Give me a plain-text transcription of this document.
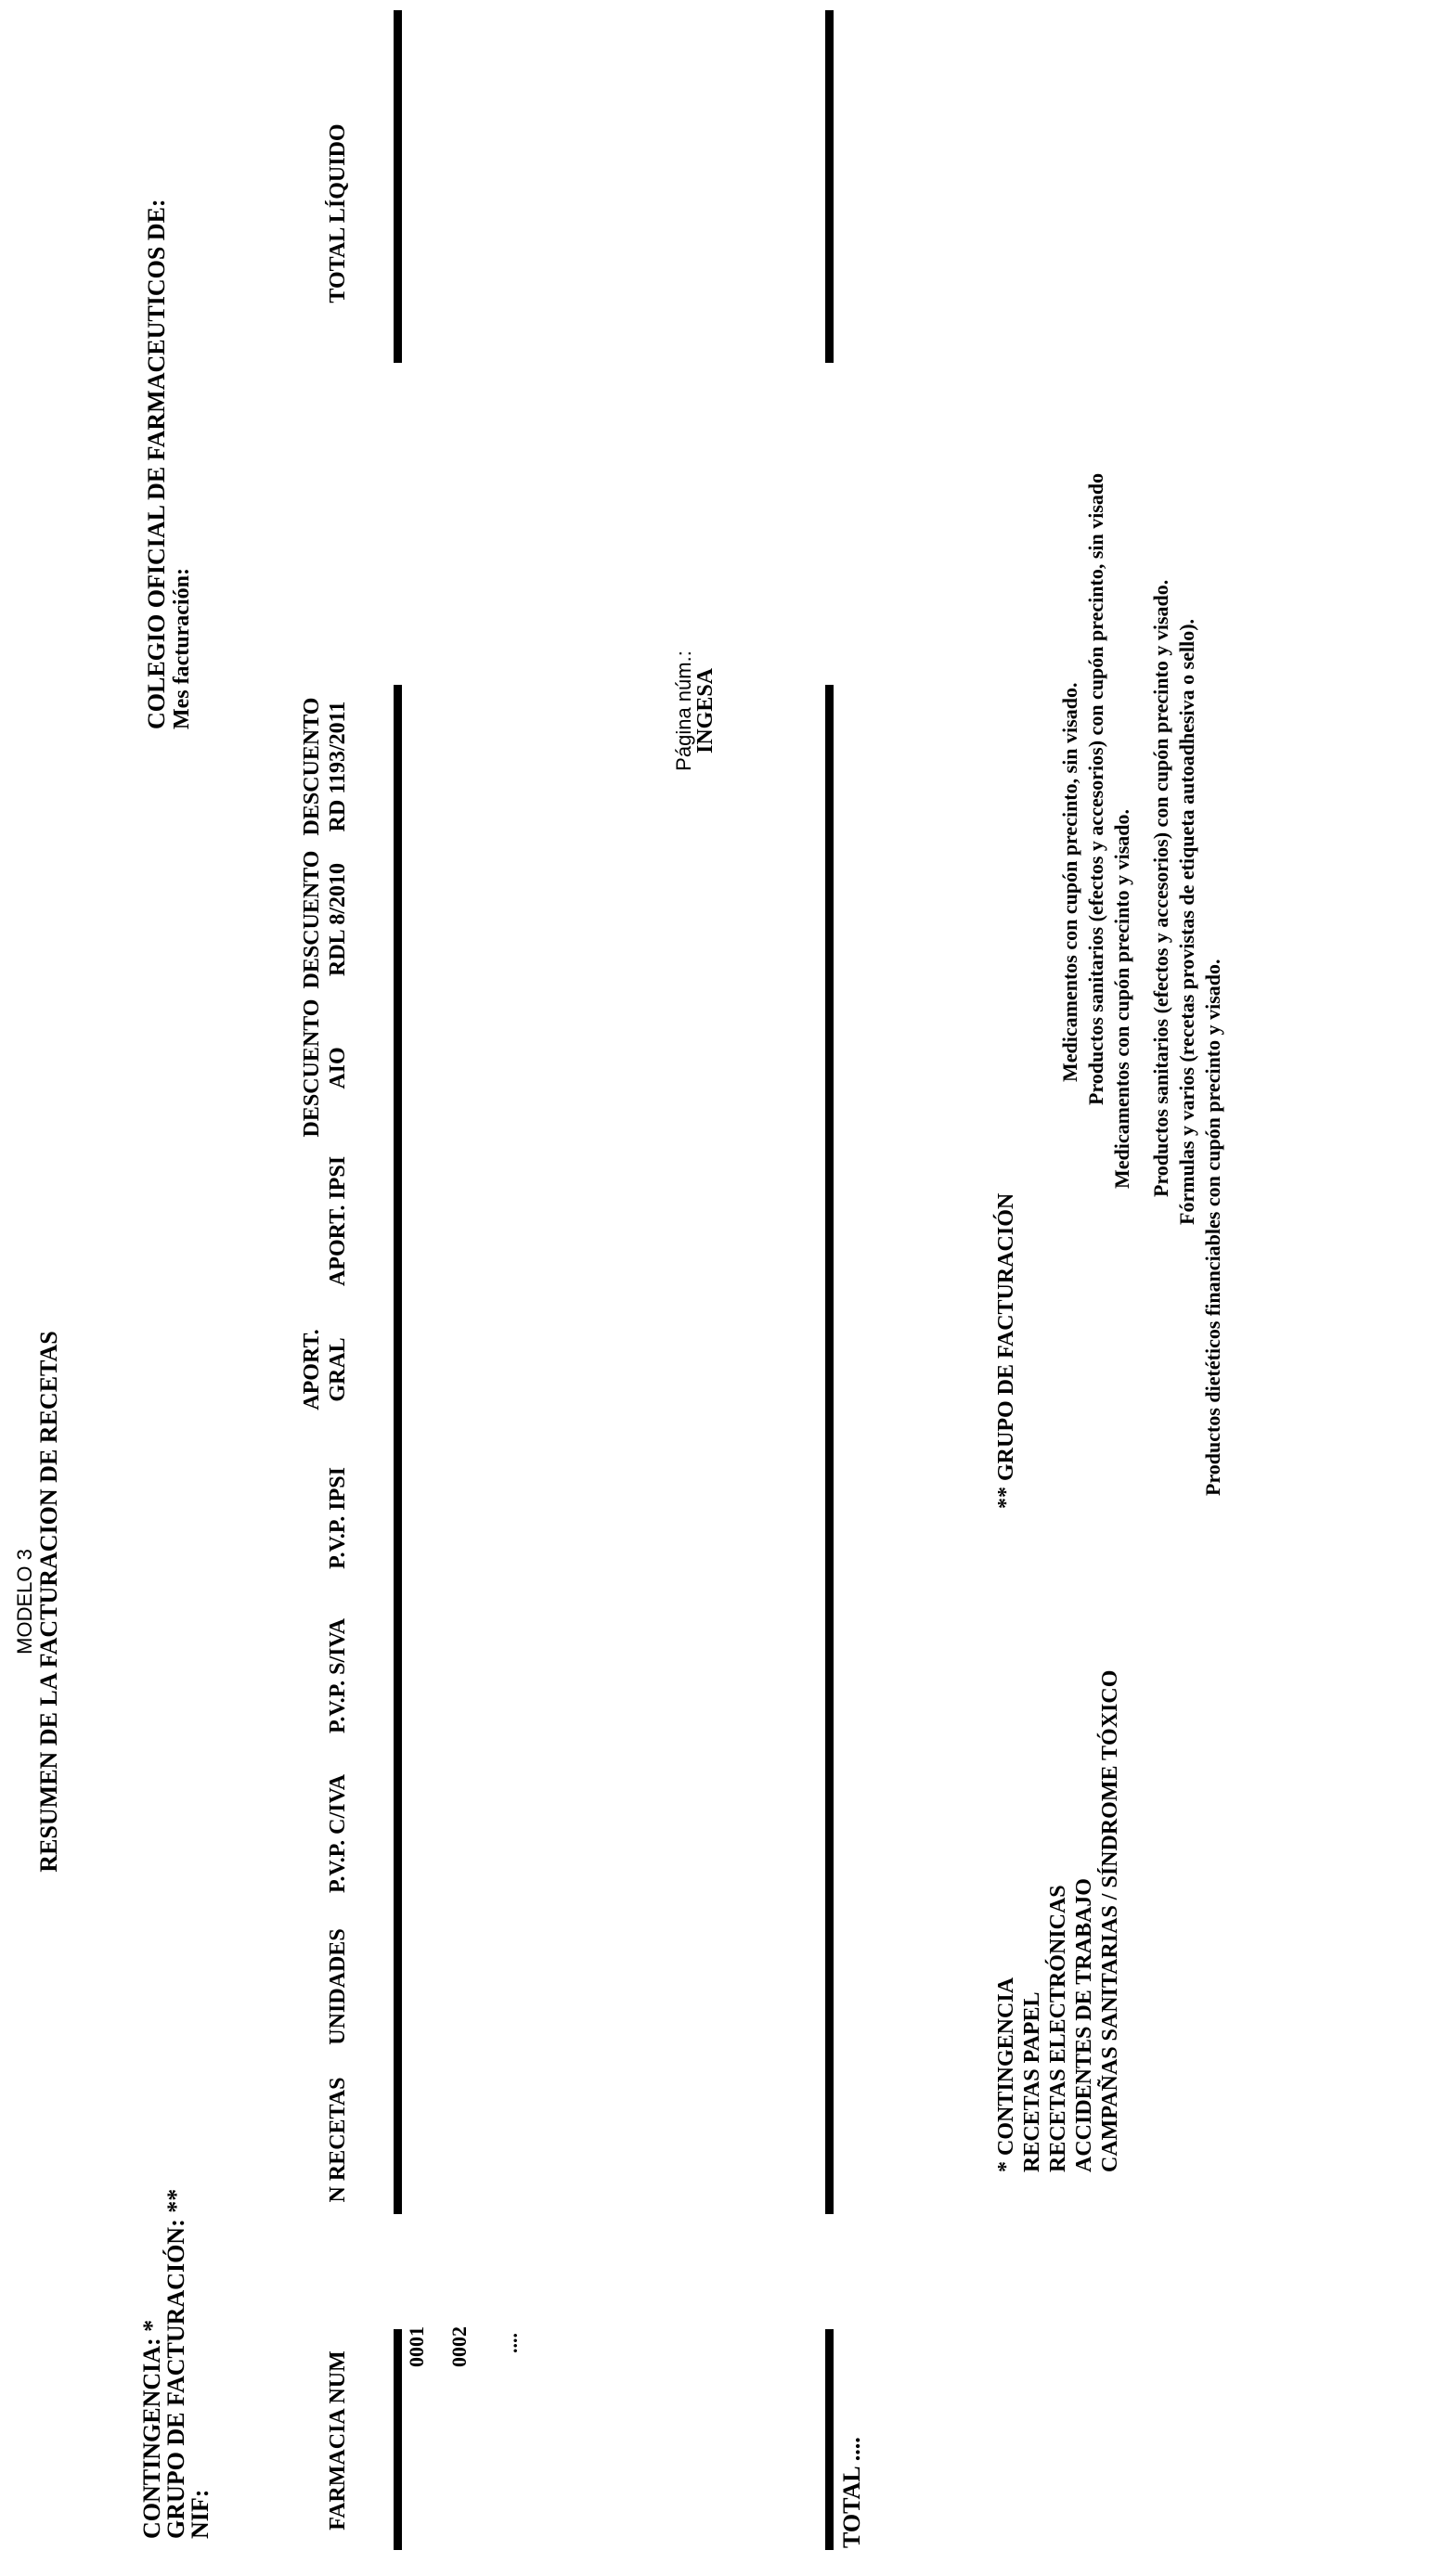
MODELO 3 RESUMEN DE LA FACTURACION DE RECETAS
Página núm.:
INGESA
CONTINGENCIA: *
GRUPO DE FACTURACIÓN: **
NIF:
COLEGIO OFICIAL DE FARMACEUTICOS DE: Mes facturación:
FARMACIA NUM
N RECETAS
UNIDADES
P.V.P. C/IVA
P.V.P. S/IVA
P.V.P. IPSI
APORT. GRAL
APORT. IPSI
DESCUENTO AIO
DESCUENTO RDL 8/2010
DESCUENTO RD 1193/2011
TOTAL LÍQUIDO
0001 0002 ....
TOTAL ....
* CONTINGENCIA RECETAS PAPEL RECETAS ELECTRÓNICAS ACCIDENTES DE TRABAJO CAMPAÑAS SANITARIAS / SÍNDROME TÓXICO
** GRUPO DE FACTURACIÓN
Medicamentos con cupón precinto, sin visado. Productos sanitarios (efectos y accesorios) con cupón precinto, sin visado Medicamentos con cupón precinto y visado. Productos sanitarios (efectos y accesorios) con cupón precinto y visado. Fórmulas y varios (recetas provistas de etiqueta autoadhesiva o sello).
Productos dietéticos financiables con cupón precinto y visado.
